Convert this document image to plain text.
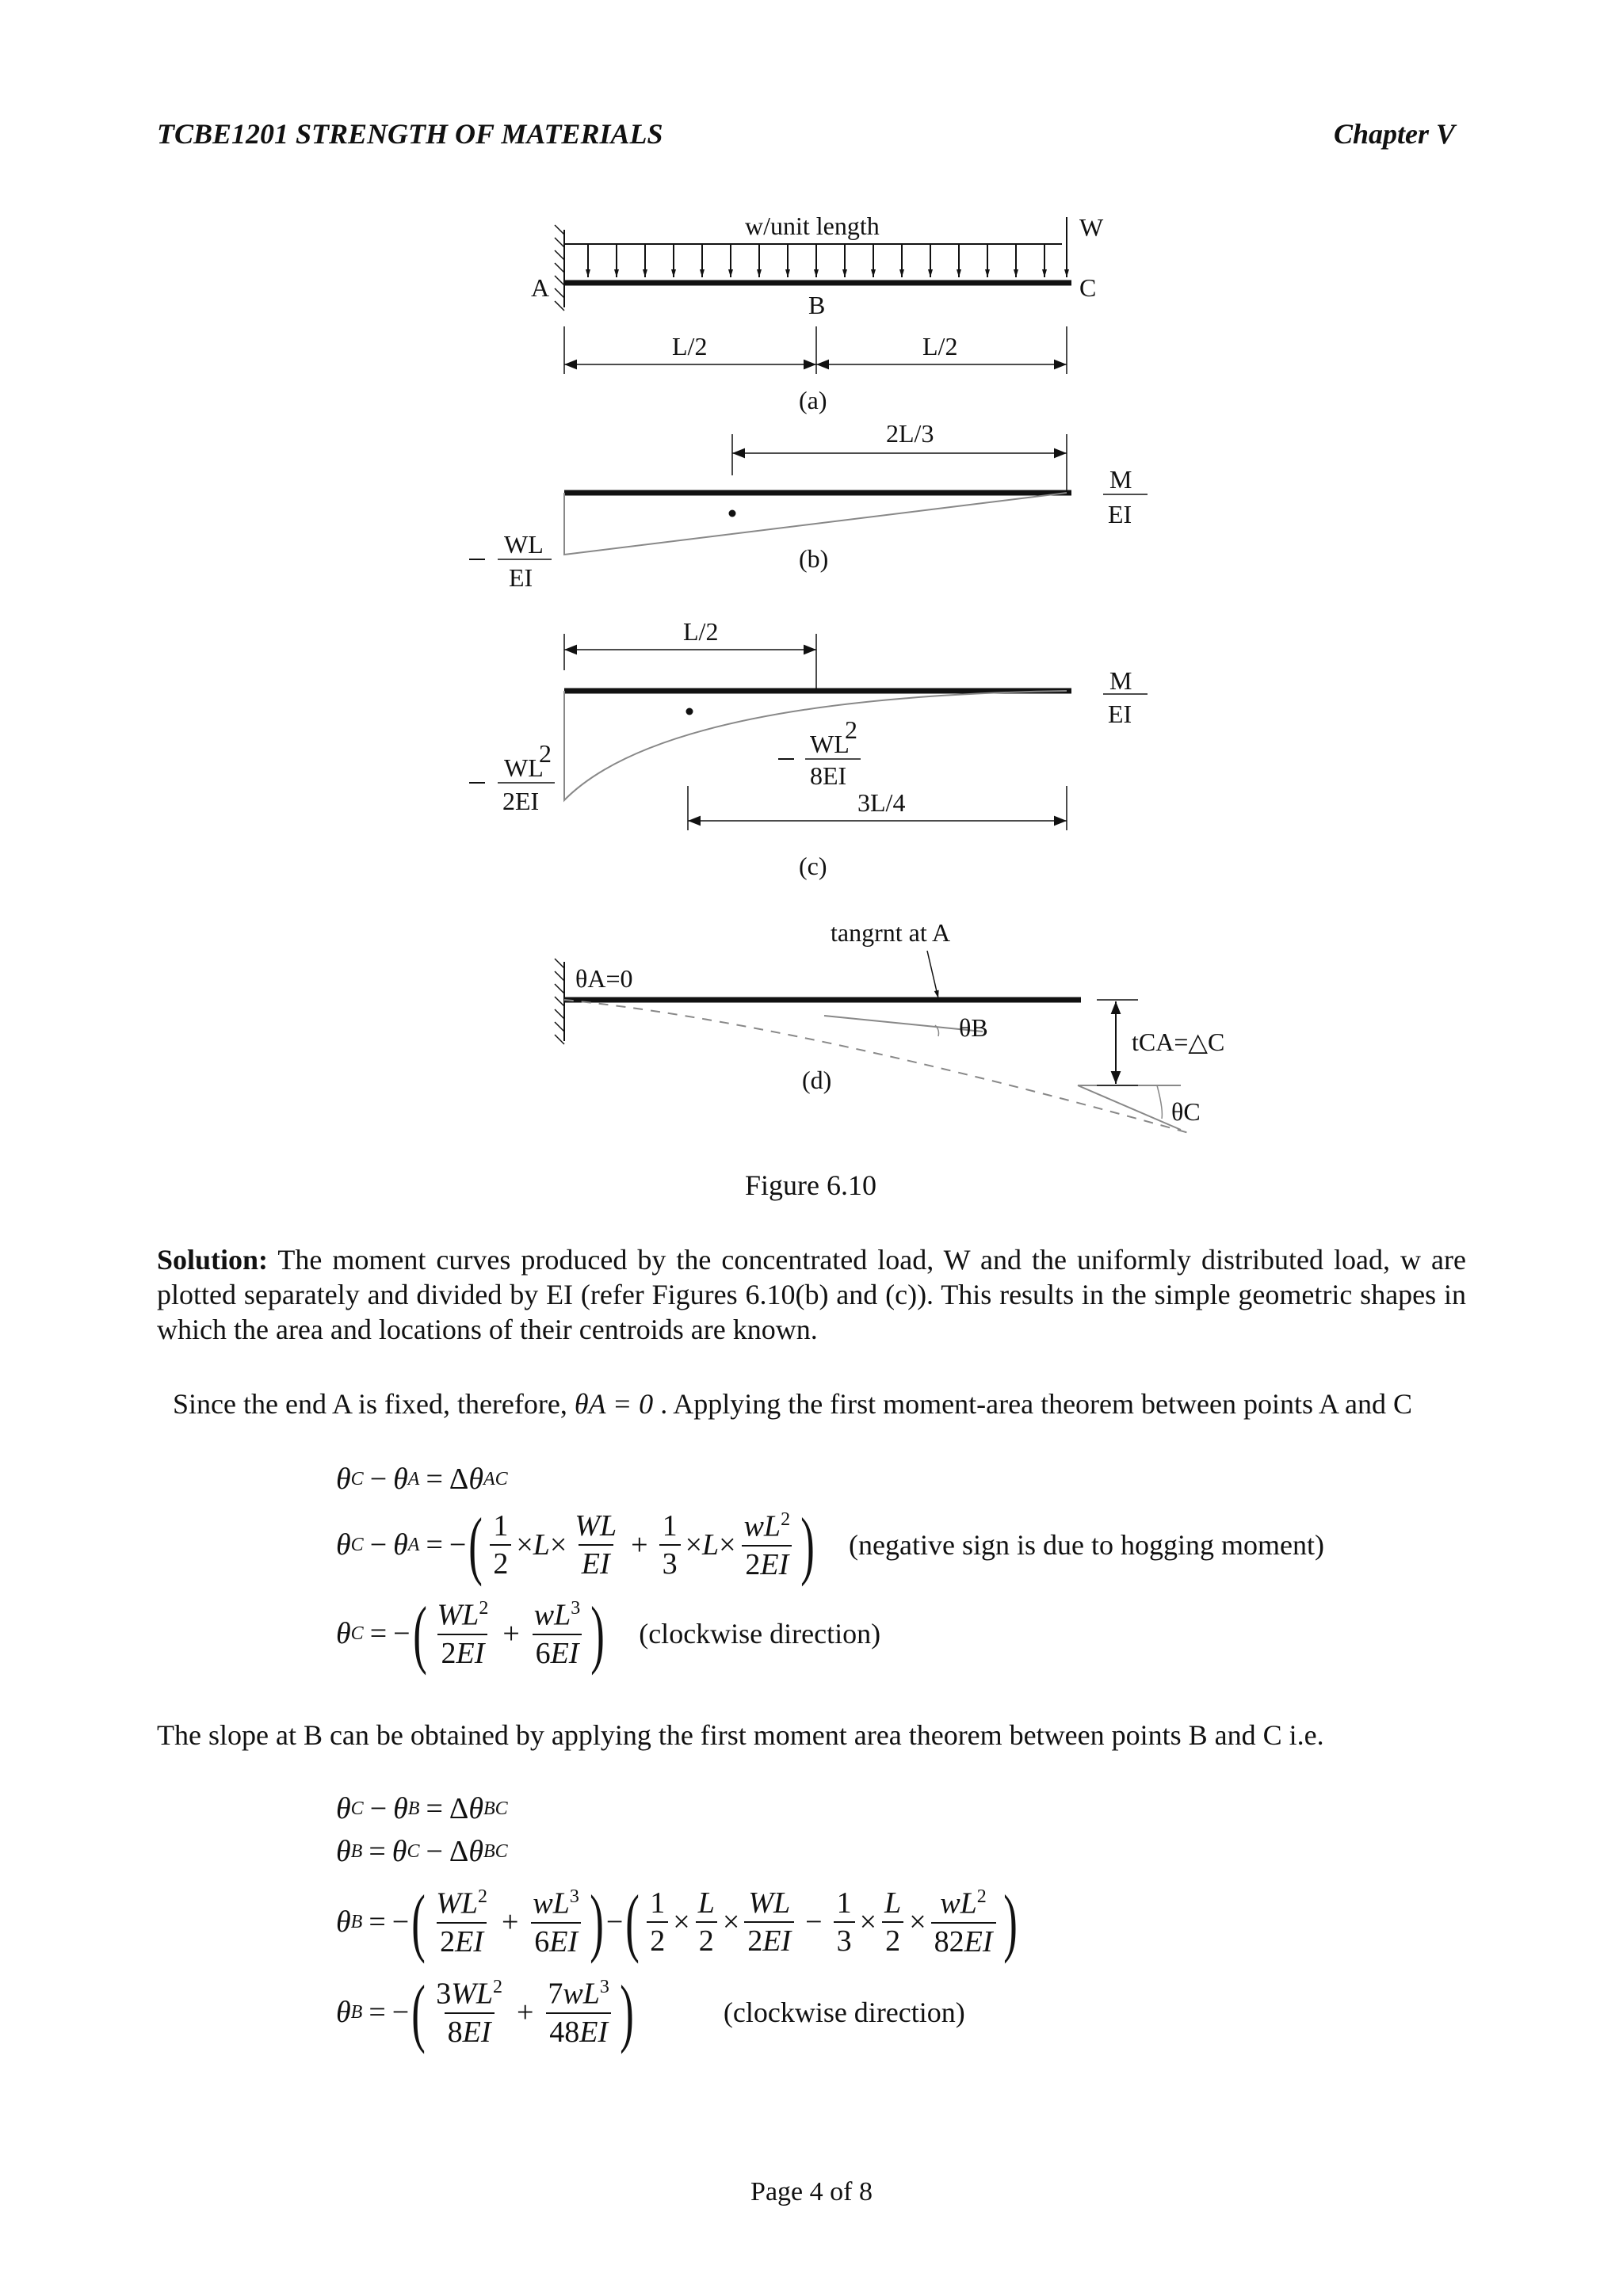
TCBE1201 STRENGTH OF MATERIALS	Chapter V
W
w/unit length
A
B
C
L/2	L/2
(a)
2L/3
M
EI
WL
EI
(b)
L/2
M
EI
WL
2
2EI
WL
2
8EI
3L/4
(c)
tangrnt at A
tCA=△C
θA=0
θB
θC
(d)
Figure 6.10
Solution: The moment curves produced by the concentrated load, W and the uniformly distributed load, w are plotted separately and divided by EI (refer Figures 6.10(b) and (c)). This results in the simple geometric shapes in which the area and locations of their centroids are known.
Since the end A is fixed, therefore, θA = 0 . Applying the first moment-area theorem between points A and C
θ C − θ A = Δ θ AC
θ C − θ A = − ( $\frac{1}{2} \times L \times \frac{WL}{EI} + \frac{1}{3} \times L \times \frac{wL^2}{2EI}$ ) (negative sign is due to hogging moment)
θ C = − ( $\frac{WL^2}{2EI} + \frac{wL^3}{6EI}$ ) (clockwise direction)
The slope at B can be obtained by applying the first moment area theorem between points B and C i.e.
θ C − θ B = Δ θ BC
θ B = θ C − Δ θ BC
θ B = − ( $\frac{WL^2}{2EI} + \frac{wL^3}{6EI}$ ) − ( $\frac{1}{2} \times \frac{L}{2} \times \frac{WL}{2EI} - \frac{1}{3} \times \frac{L}{2} \times \frac{wL^2}{82EI}$ )
θ B = − ( $\frac{3WL^2}{8EI} + \frac{7wL^3}{48EI}$ )	(clockwise direction)
Page 4 of 8
